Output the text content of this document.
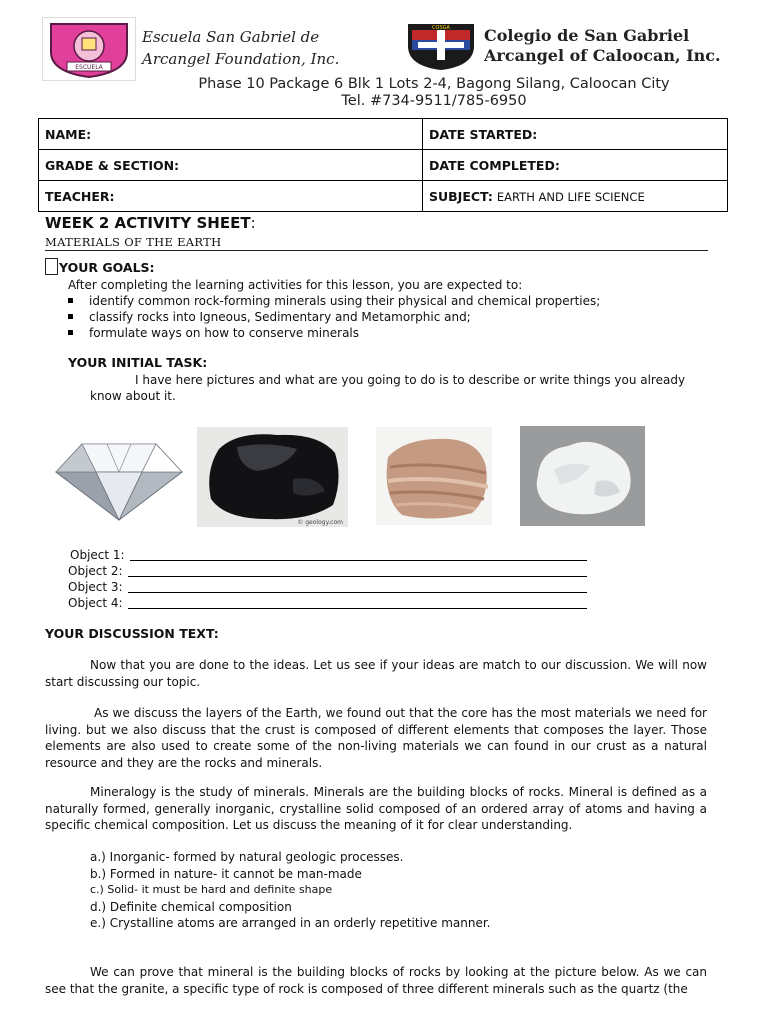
ESCUELA
Escuela San Gabriel de
Arcangel Foundation, Inc.
COSGA Colegio de San Gabriel
Arcangel of Caloocan, Inc.
Phase 10 Package 6 Blk 1 Lots 2-4, Bagong Silang, Caloocan City
Tel. #734-9511/785-6950
NAME:	DATE STARTED:
GRADE & SECTION:	DATE COMPLETED:
TEACHER:	SUBJECT: EARTH AND LIFE SCIENCE
WEEK 2 ACTIVITY SHEET:
MATERIALS OF THE EARTH
YOUR GOALS:
After completing the learning activities for this lesson, you are expected to:
identify common rock-forming minerals using their physical and chemical properties;
classify rocks into Igneous, Sedimentary and Metamorphic and;
formulate ways on how to conserve minerals
YOUR INITIAL TASK:
I have here pictures and what are you going to do is to describe or write things you already
know about it.
© geology.com
Object 1:
Object 2:
Object 3:
Object 4:
YOUR DISCUSSION TEXT:
Now that you are done to the ideas. Let us see if your ideas are match to our discussion. We will now start discussing our topic.
As we discuss the layers of the Earth, we found out that the core has the most materials we need for living. but we also discuss that the crust is composed of different elements that composes the layer. Those elements are also used to create some of the non-living materials we can found in our crust as a natural resource and they are the rocks and minerals.
Mineralogy is the study of minerals. Minerals are the building blocks of rocks. Mineral is defined as a naturally formed, generally inorganic, crystalline solid composed of an ordered array of atoms and having a specific chemical composition. Let us discuss the meaning of it for clear understanding.
a.) Inorganic- formed by natural geologic processes.
b.) Formed in nature- it cannot be man-made
c.) Solid- it must be hard and definite shape
d.) Definite chemical composition
e.) Crystalline atoms are arranged in an orderly repetitive manner.
We can prove that mineral is the building blocks of rocks by looking at the picture below. As we can see that the granite, a specific type of rock is composed of three different minerals such as the quartz (the
